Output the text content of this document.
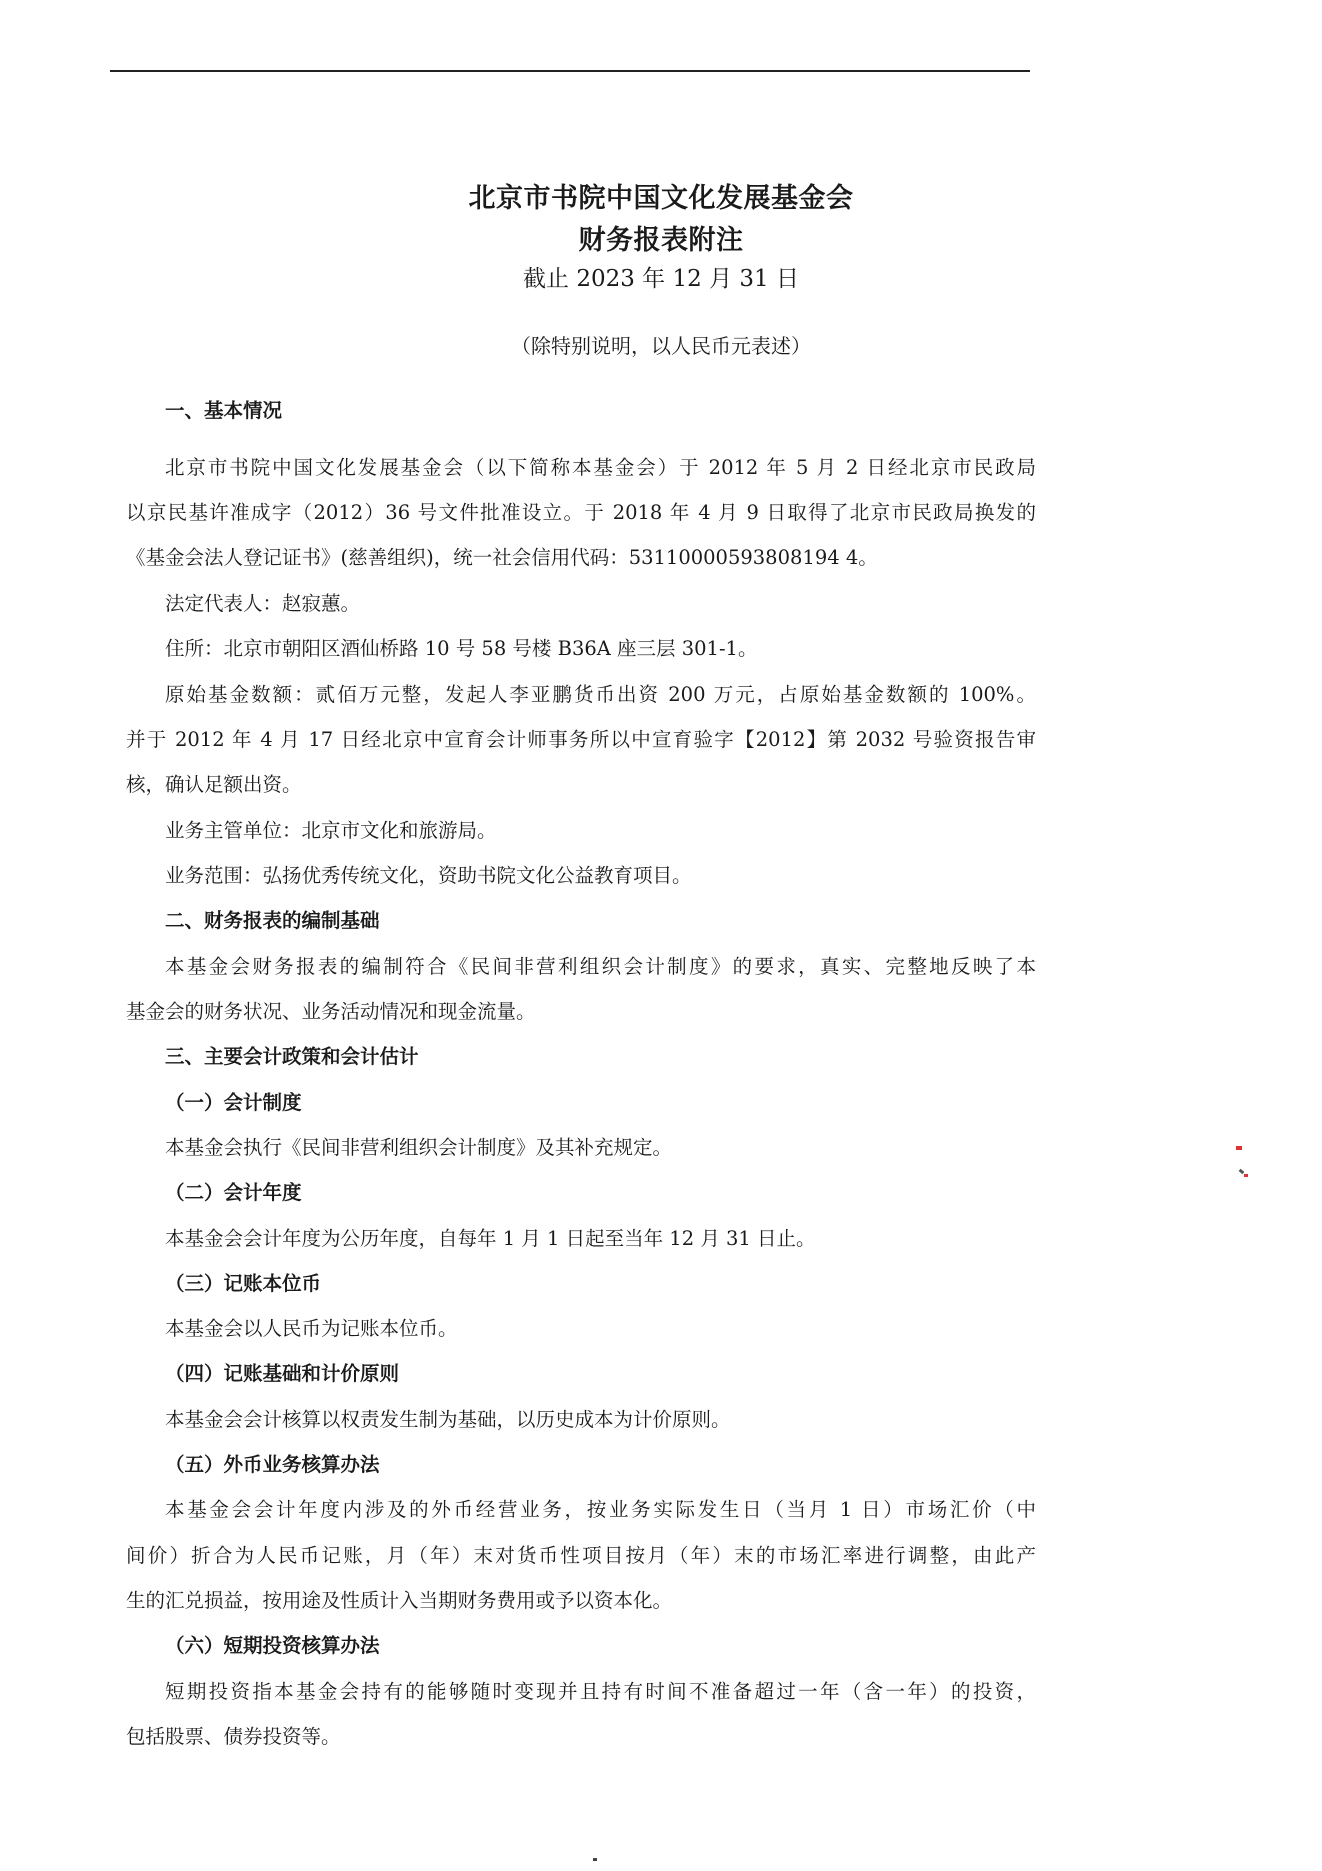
北京市书院中国文化发展基金会
财务报表附注
截止 2023 年 12 月 31 日
（除特别说明，以人民币元表述）
一、基本情况
北京市书院中国文化发展基金会（以下简称本基金会）于 2012 年 5 月 2 日经北京市民政局
以京民基许准成字（2012）36 号文件批准设立。于 2018 年 4 月 9 日取得了北京市民政局换发的
《基金会法人登记证书》(慈善组织)，统一社会信用代码：53110000593808194 4。
法定代表人：赵寂蕙。
住所：北京市朝阳区酒仙桥路 10 号 58 号楼 B36A 座三层 301-1。
原始基金数额：贰佰万元整，发起人李亚鹏货币出资 200 万元，占原始基金数额的 100%。
并于 2012 年 4 月 17 日经北京中宣育会计师事务所以中宣育验字【2012】第 2032 号验资报告审
核，确认足额出资。
业务主管单位：北京市文化和旅游局。
业务范围：弘扬优秀传统文化，资助书院文化公益教育项目。
二、财务报表的编制基础
本基金会财务报表的编制符合《民间非营利组织会计制度》的要求，真实、完整地反映了本
基金会的财务状况、业务活动情况和现金流量。
三、主要会计政策和会计估计
（一）会计制度
本基金会执行《民间非营利组织会计制度》及其补充规定。
（二）会计年度
本基金会会计年度为公历年度，自每年 1 月 1 日起至当年 12 月 31 日止。
（三）记账本位币
本基金会以人民币为记账本位币。
（四）记账基础和计价原则
本基金会会计核算以权责发生制为基础，以历史成本为计价原则。
（五）外币业务核算办法
本基金会会计年度内涉及的外币经营业务，按业务实际发生日（当月 1 日）市场汇价（中
间价）折合为人民币记账，月（年）末对货币性项目按月（年）末的市场汇率进行调整，由此产
生的汇兑损益，按用途及性质计入当期财务费用或予以资本化。
（六）短期投资核算办法
短期投资指本基金会持有的能够随时变现并且持有时间不准备超过一年（含一年）的投资，
包括股票、债券投资等。
